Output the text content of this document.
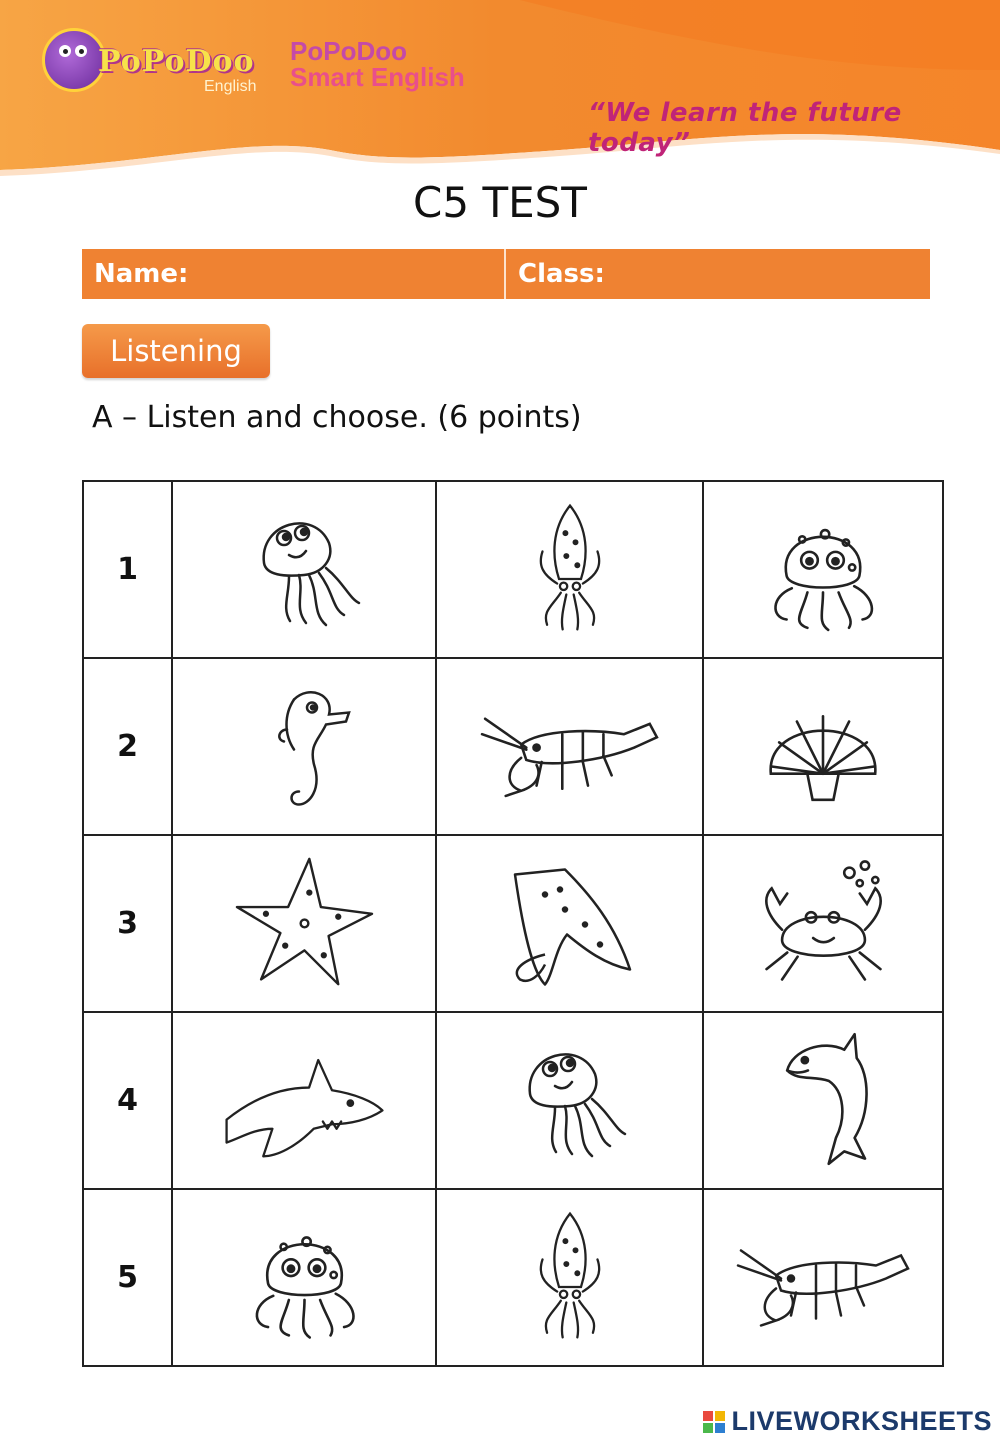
PoPoDoo
English
PoPoDoo
Smart English
“We learn the future today”
C5 TEST
Name:	Class:
Listening
A – Listen and choose. (6 points)
1			
2			
3			
4			
5			
LIVEWORKSHEETS
